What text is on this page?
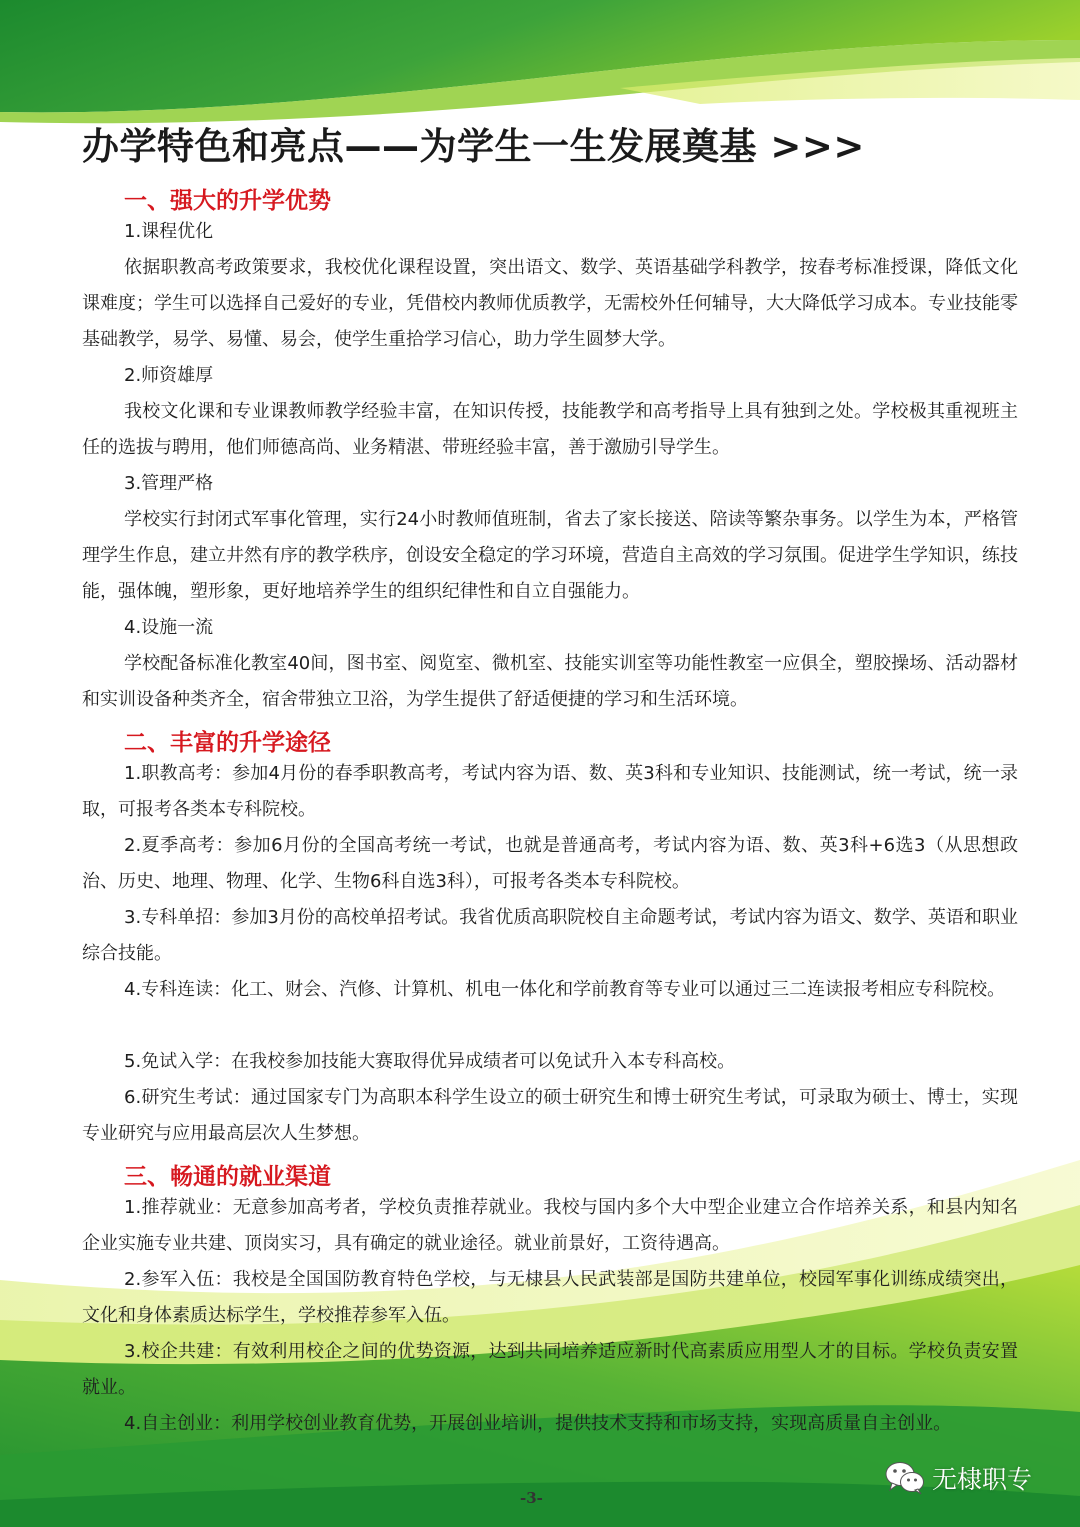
办学特色和亮点——为学生一生发展奠基 >>>
一、强大的升学优势
1.课程优化
依据职教高考政策要求，我校优化课程设置，突出语文、数学、英语基础学科教学，按春考标准授课，降低文化课难度；学生可以选择自己爱好的专业，凭借校内教师优质教学，无需校外任何辅导，大大降低学习成本。专业技能零基础教学，易学、易懂、易会，使学生重拾学习信心，助力学生圆梦大学。
2.师资雄厚
我校文化课和专业课教师教学经验丰富，在知识传授，技能教学和高考指导上具有独到之处。学校极其重视班主任的选拔与聘用，他们师德高尚、业务精湛、带班经验丰富，善于激励引导学生。
3.管理严格
学校实行封闭式军事化管理，实行24小时教师值班制，省去了家长接送、陪读等繁杂事务。以学生为本，严格管理学生作息，建立井然有序的教学秩序，创设安全稳定的学习环境，营造自主高效的学习氛围。促进学生学知识，练技能，强体魄，塑形象，更好地培养学生的组织纪律性和自立自强能力。
4.设施一流
学校配备标准化教室40间，图书室、阅览室、微机室、技能实训室等功能性教室一应俱全，塑胶操场、活动器材和实训设备种类齐全，宿舍带独立卫浴，为学生提供了舒适便捷的学习和生活环境。
二、丰富的升学途径
1.职教高考：参加4月份的春季职教高考，考试内容为语、数、英3科和专业知识、技能测试，统一考试，统一录取，可报考各类本专科院校。
2.夏季高考：参加6月份的全国高考统一考试，也就是普通高考，考试内容为语、数、英3科+6选3（从思想政治、历史、地理、物理、化学、生物6科自选3科），可报考各类本专科院校。
3.专科单招：参加3月份的高校单招考试。我省优质高职院校自主命题考试，考试内容为语文、数学、英语和职业综合技能。
4.专科连读：化工、财会、汽修、计算机、机电一体化和学前教育等专业可以通过三二连读报考相应专科院校。
5.免试入学：在我校参加技能大赛取得优异成绩者可以免试升入本专科高校。
6.研究生考试：通过国家专门为高职本科学生设立的硕士研究生和博士研究生考试，可录取为硕士、博士，实现专业研究与应用最高层次人生梦想。
三、畅通的就业渠道
1.推荐就业：无意参加高考者，学校负责推荐就业。我校与国内多个大中型企业建立合作培养关系，和县内知名企业实施专业共建、顶岗实习，具有确定的就业途径。就业前景好，工资待遇高。
2.参军入伍：我校是全国国防教育特色学校，与无棣县人民武装部是国防共建单位，校园军事化训练成绩突出，文化和身体素质达标学生，学校推荐参军入伍。
3.校企共建：有效利用校企之间的优势资源，达到共同培养适应新时代高素质应用型人才的目标。学校负责安置就业。
4.自主创业：利用学校创业教育优势，开展创业培训，提供技术支持和市场支持，实现高质量自主创业。
-3-
无棣职专
